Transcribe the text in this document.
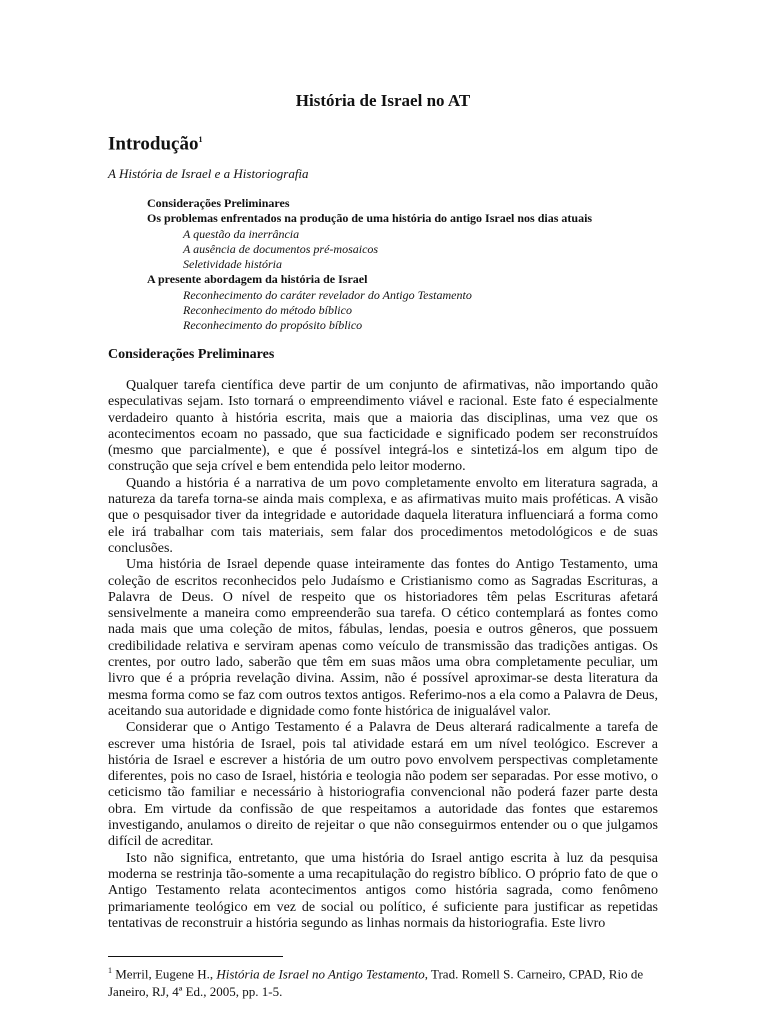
História de Israel no AT
Introdução$^1$

A História de Israel e a Historiografia

Considerações Preliminares
Os problemas enfrentados na produção de uma história do antigo Israel nos dias atuais
A questão da inerrância
A ausência de documentos pré-mosaicos
Seletividade história
A presente abordagem da história de Israel
Reconhecimento do caráter revelador do Antigo Testamento
Reconhecimento do método bíblico
Reconhecimento do propósito bíblico
Considerações Preliminares

Qualquer tarefa científica deve partir de um conjunto de afirmativas, não importando quão especulativas sejam. Isto tornará o empreendimento viável e racional. Este fato é especialmente verdadeiro quanto à história escrita, mais que a maioria das disciplinas, uma vez que os acontecimentos ecoam no passado, que sua facticidade e significado podem ser reconstruídos (mesmo que parcialmente), e que é possível integrá-los e sintetizá-los em algum tipo de construção que seja crível e bem entendida pelo leitor moderno.

Quando a história é a narrativa de um povo completamente envolto em literatura sagrada, a natureza da tarefa torna-se ainda mais complexa, e as afirmativas muito mais proféticas. A visão que o pesquisador tiver da integridade e autoridade daquela literatura influenciará a forma como ele irá trabalhar com tais materiais, sem falar dos procedimentos metodológicos e de suas conclusões.

Uma história de Israel depende quase inteiramente das fontes do Antigo Testamento, uma coleção de escritos reconhecidos pelo Judaísmo e Cristianismo como as Sagradas Escrituras, a Palavra de Deus. O nível de respeito que os historiadores têm pelas Escrituras afetará sensivelmente a maneira como empreenderão sua tarefa. O cético contemplará as fontes como nada mais que uma coleção de mitos, fábulas, lendas, poesia e outros gêneros, que possuem credibilidade relativa e serviram apenas como veículo de transmissão das tradições antigas. Os crentes, por outro lado, saberão que têm em suas mãos uma obra completamente peculiar, um livro que é a própria revelação divina. Assim, não é possível aproximar-se desta literatura da mesma forma como se faz com outros textos antigos. Referimo-nos a ela como a Palavra de Deus, aceitando sua autoridade e dignidade como fonte histórica de inigualável valor.

Considerar que o Antigo Testamento é a Palavra de Deus alterará radicalmente a tarefa de escrever uma história de Israel, pois tal atividade estará em um nível teológico. Escrever a história de Israel e escrever a história de um outro povo envolvem perspectivas completamente diferentes, pois no caso de Israel, história e teologia não podem ser separadas. Por esse motivo, o ceticismo tão familiar e necessário à historiografia convencional não poderá fazer parte desta obra. Em virtude da confissão de que respeitamos a autoridade das fontes que estaremos investigando, anulamos o direito de rejeitar o que não conseguirmos entender ou o que julgamos difícil de acreditar.

Isto não significa, entretanto, que uma história do Israel antigo escrita à luz da pesquisa moderna se restrinja tão-somente a uma recapitulação do registro bíblico. O próprio fato de que o Antigo Testamento relata acontecimentos antigos como história sagrada, como fenômeno primariamente teológico em vez de social ou político, é suficiente para justificar as repetidas tentativas de reconstruir a história segundo as linhas normais da historiografia. Este livro

$^1$ Merril, Eugene H., História de Israel no Antigo Testamento, Trad. Romell S. Carneiro, CPAD, Rio de Janeiro, RJ, 4ª Ed., 2005, pp. 1-5.
